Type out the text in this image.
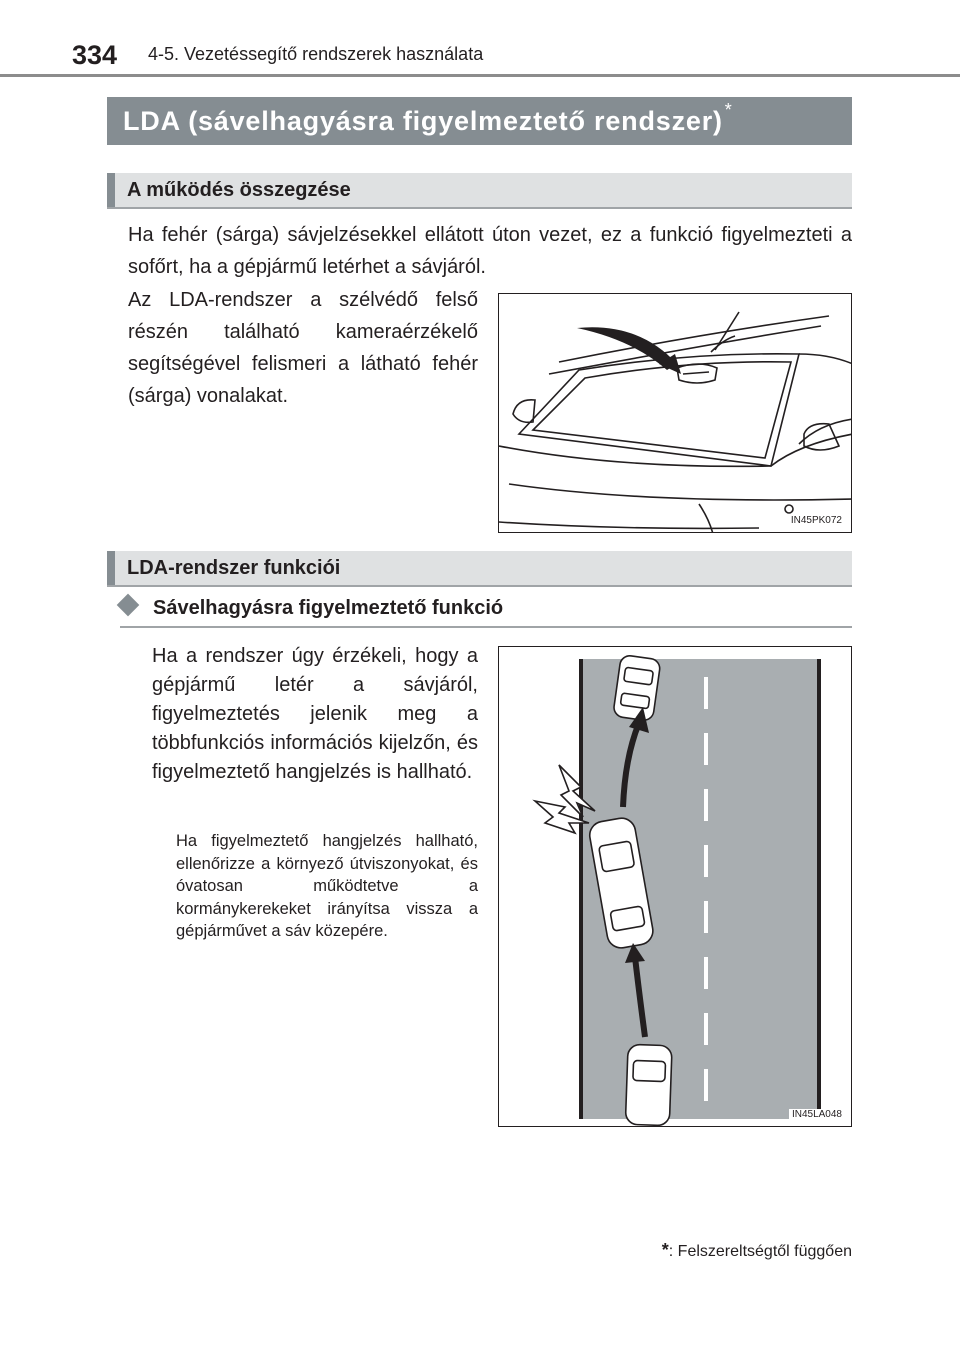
334 4-5. Vezetéssegítő rendszerek használata
LDA (sávelhagyásra figyelmeztető rendszer) *
A működés összegzése
Ha fehér (sárga) sávjelzésekkel ellátott úton vezet, ez a funkció figyelmezteti a sofőrt, ha a gépjármű letérhet a sávjáról.
Az LDA-rendszer a szélvédő felső részén található kameraérzékelő segítségével felismeri a látható fehér (sárga) vonalakat.
IN45PK072
LDA-rendszer funkciói
Sávelhagyásra figyelmeztető funkció
Ha a rendszer úgy érzékeli, hogy a gépjármű letér a sávjáról, figyelmeztetés jelenik meg a többfunkciós információs kijelzőn, és figyelmeztető hangjelzés is hallható.
Ha figyelmeztető hangjelzés hallható, ellenőrizze a környező útviszonyokat, és óvatosan működtetve a kormánykerekeket irányítsa vissza a gépjárművet a sáv közepére.
IN45LA048
*: Felszereltségtől függően
